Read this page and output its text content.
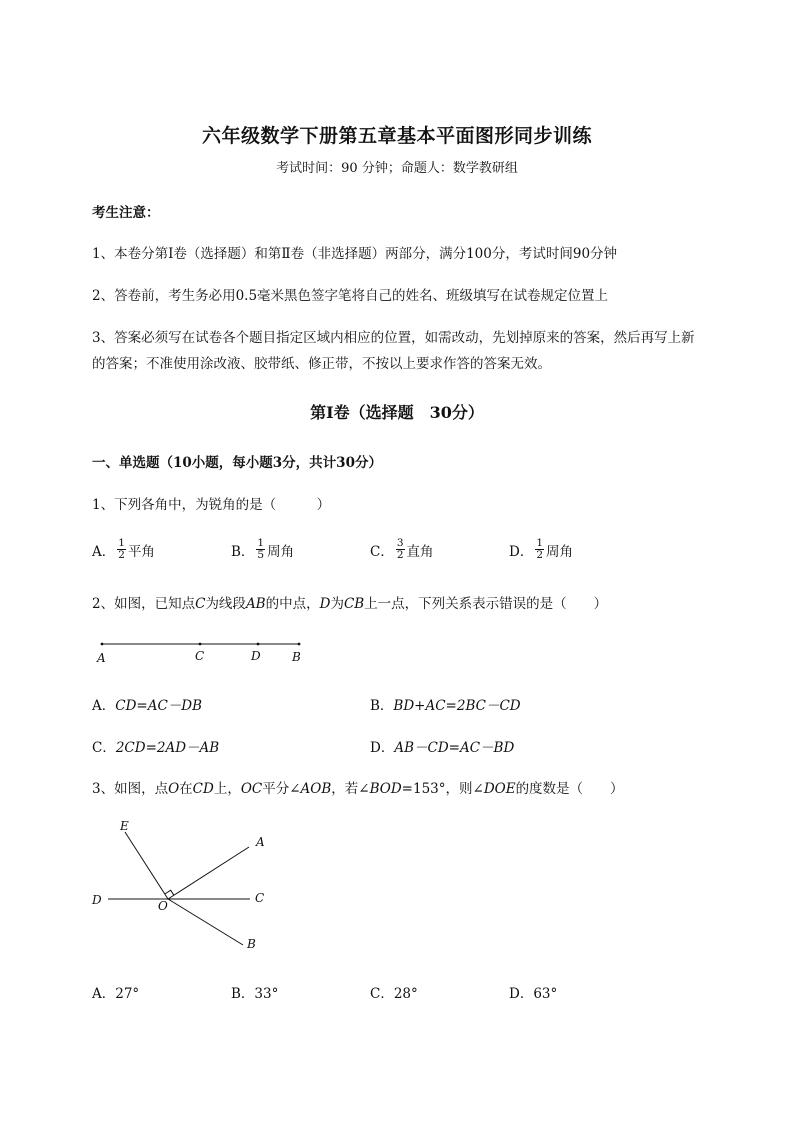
六年级数学下册第五章基本平面图形同步训练
考试时间：90 分钟；命题人：数学教研组
考生注意：
1、本卷分第Ⅰ卷（选择题）和第Ⅱ卷（非选择题）两部分，满分100分，考试时间90分钟
2、答卷前，考生务必用0.5毫米黑色签字笔将自己的姓名、班级填写在试卷规定位置上
3、答案必须写在试卷各个题目指定区域内相应的位置，如需改动，先划掉原来的答案，然后再写上新
的答案；不准使用涂改液、胶带纸、修正带，不按以上要求作答的答案无效。
第Ⅰ卷（选择题　30分）
一、单选题（10小题，每小题3分，共计30分）
1、下列各角中，为锐角的是（　　　）
A． $\frac{1}{2}$ 平角	B． $\frac{1}{5}$ 周角	C． $\frac{3}{2}$ 直角	D． $\frac{1}{2}$ 周角
2、如图，已知点C为线段AB的中点，D为CB上一点，下列关系表示错误的是（　　）
A	C	D	B
A．CD=AC－DB	B．BD+AC=2BC－CD
C．2CD=2AD－AB	D．AB－CD=AC－BD
3、如图，点O在CD上，OC平分∠AOB，若∠BOD=153°，则∠DOE的度数是（　　）
E
A
D	O
C
B
A．27°	B．33°	C．28°	D．63°
